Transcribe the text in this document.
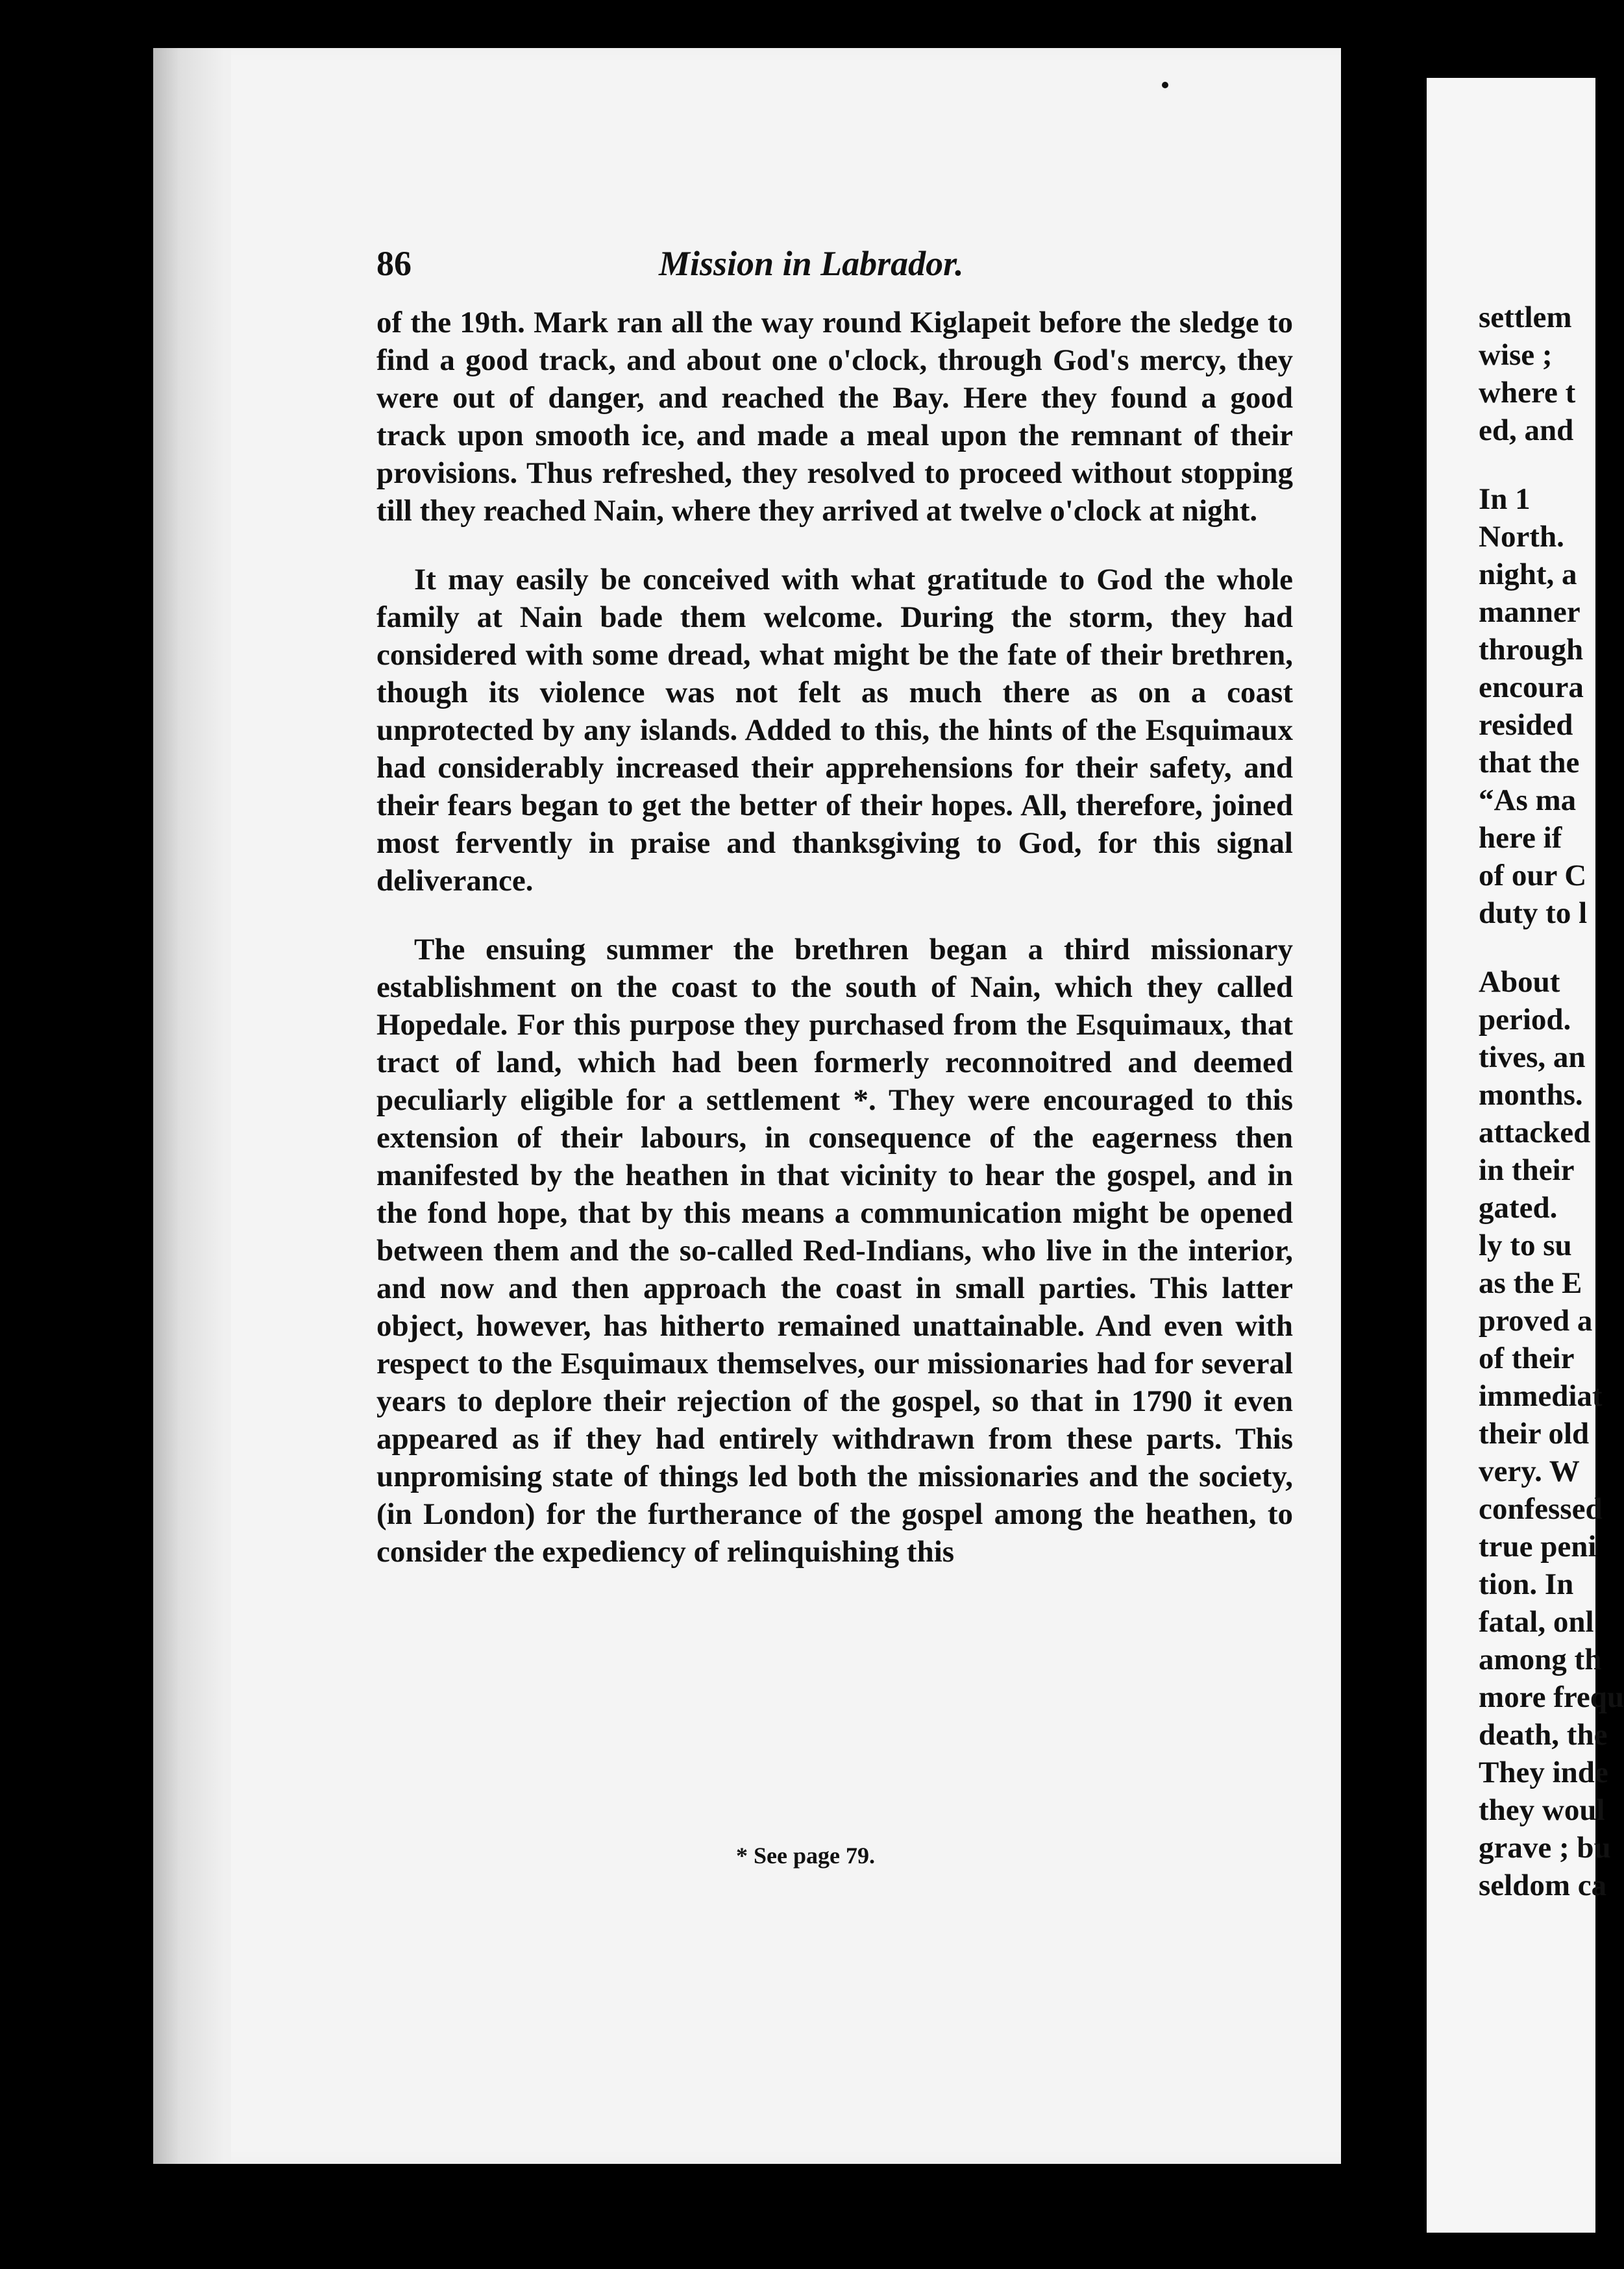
86	Mission in Labrador.

of the 19th. Mark ran all the way round Kiglapeit before the sledge to find a good track, and about one o'clock, through God's mercy, they were out of danger, and reached the Bay. Here they found a good track upon smooth ice, and made a meal upon the remnant of their provisions. Thus refreshed, they resolved to proceed without stopping till they reached Nain, where they arrived at twelve o'clock at night.

It may easily be conceived with what gratitude to God the whole family at Nain bade them welcome. During the storm, they had considered with some dread, what might be the fate of their brethren, though its violence was not felt as much there as on a coast unprotected by any islands. Added to this, the hints of the Esquimaux had considerably increased their apprehensions for their safety, and their fears began to get the better of their hopes. All, therefore, joined most fervently in praise and thanksgiving to God, for this signal deliverance.

The ensuing summer the brethren began a third missionary establishment on the coast to the south of Nain, which they called Hopedale. For this purpose they purchased from the Esquimaux, that tract of land, which had been formerly reconnoitred and deemed peculiarly eligible for a settlement *. They were encouraged to this extension of their labours, in consequence of the eagerness then manifested by the heathen in that vicinity to hear the gospel, and in the fond hope, that by this means a communication might be opened between them and the so-called Red-Indians, who live in the interior, and now and then approach the coast in small parties. This latter object, however, has hitherto remained unattainable. And even with respect to the Esquimaux themselves, our missionaries had for several years to deplore their rejection of the gospel, so that in 1790 it even appeared as if they had entirely withdrawn from these parts. This unpromising state of things led both the missionaries and the society, (in London) for the furtherance of the gospel among the heathen, to consider the expediency of relinquishing this

* See page 79.
settlem
wise ;
where t
ed, and
In 1
North.
night, a
manner
through
encoura
resided
that the
“As ma
here if
of our C
duty to l
About
period.
tives, an
months.
attacked
in their
gated.
ly to su
as the E
proved a
of their
immediat
their old
very. W
confessed
true peni
tion. In
fatal, onl
among th
more frequ
death, the
They inde
they woul
grave ; bu
seldom ca
